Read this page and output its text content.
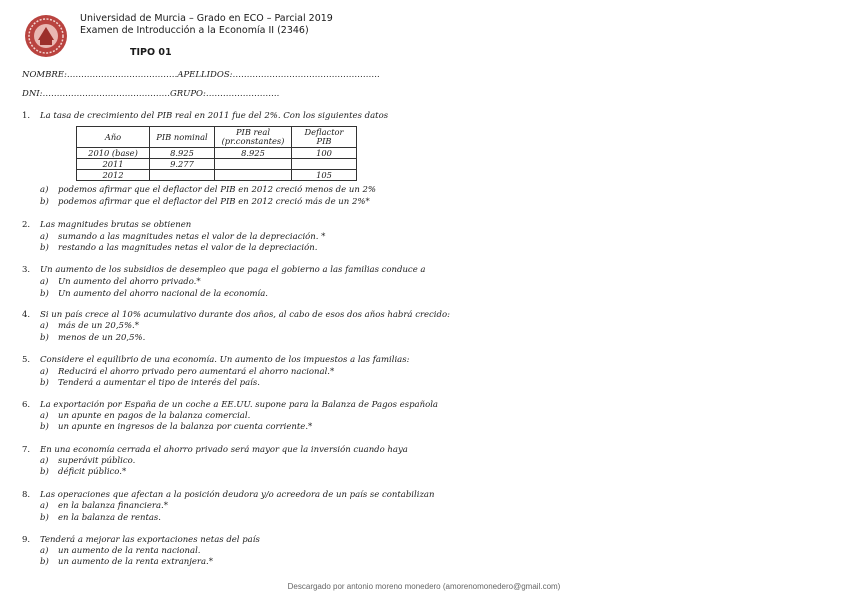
Universidad de Murcia – Grado en ECO – Parcial 2019
Examen de Introducción a la Economía II (2346)
TIPO 01
NOMBRE:…………………………………APELLIDOS:…………………………………………….
DNI:………………………………………GRUPO:……………………..
1. La tasa de crecimiento del PIB real en 2011 fue del 2%. Con los siguientes datos
Año	PIB nominal	PIB real (pr.constantes)	Deflactor PIB
2010 (base)	8.925	8.925	100
2011	9.277		
2012			105
a) podemos afirmar que el deflactor del PIB en 2012 creció menos de un 2%
b) podemos afirmar que el deflactor del PIB en 2012 creció más de un 2%*
2. Las magnitudes brutas se obtienen
a) sumando a las magnitudes netas el valor de la depreciación. *
b) restando a las magnitudes netas el valor de la depreciación.
3. Un aumento de los subsidios de desempleo que paga el gobierno a las familias conduce a
a) Un aumento del ahorro privado.*
b) Un aumento del ahorro nacional de la economía.
4. Si un país crece al 10% acumulativo durante dos años, al cabo de esos dos años habrá crecido:
a) más de un 20,5%.*
b) menos de un 20,5%.
5. Considere el equilibrio de una economía. Un aumento de los impuestos a las familias:
a) Reducirá el ahorro privado pero aumentará el ahorro nacional.*
b) Tenderá a aumentar el tipo de interés del país.
6. La exportación por España de un coche a EE.UU. supone para la Balanza de Pagos española
a) un apunte en pagos de la balanza comercial.
b) un apunte en ingresos de la balanza por cuenta corriente.*
7. En una economía cerrada el ahorro privado será mayor que la inversión cuando haya
a) superávit público.
b) déficit público.*
8. Las operaciones que afectan a la posición deudora y/o acreedora de un país se contabilizan
a) en la balanza financiera.*
b) en la balanza de rentas.
9. Tenderá a mejorar las exportaciones netas del país
a) un aumento de la renta nacional.
b) un aumento de la renta extranjera.*
Descargado por antonio moreno monedero (amorenomonedero@gmail.com)
